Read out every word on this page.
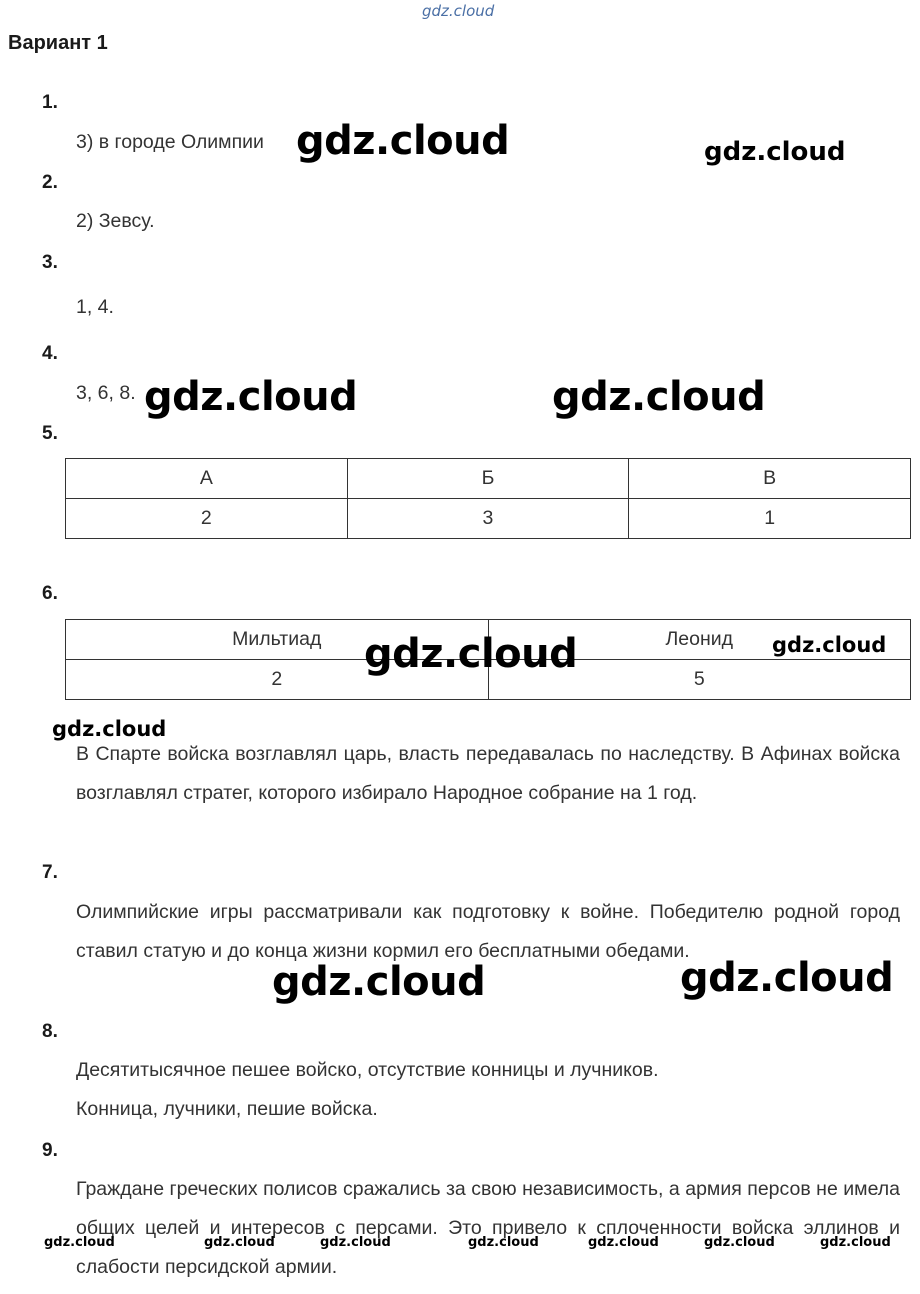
gdz.cloud
Вариант 1
1.
3) в городе Олимпии
2.
2) Зевсу.
3.
1, 4.
4.
3, 6, 8.
5.
А	Б	В
2	3	1
6.
Мильтиад	Леонид
2	5
В Спарте войска возглавлял царь, власть передавалась по наследству. В Афинах войска возглавлял стратег, которого избирало Народное собрание на 1 год.
7.
Олимпийские игры рассматривали как подготовку к войне. Победителю родной город ставил статую и до конца жизни кормил его бесплатными обедами.
8.
Десятитысячное пешее войско, отсутствие конницы и лучников.
Конница, лучники, пешие войска.
9.
Граждане греческих полисов сражались за свою независимость, а армия персов не имела общих целей и интересов с персами. Это привело к сплоченности войска эллинов и слабости персидской армии.
gdz.cloud	gdz.cloud
gdz.cloud	gdz.cloud
gdz.cloud	gdz.cloud
gdz.cloud
gdz.cloud	gdz.cloud
gdz.cloud	gdz.cloud	gdz.cloud	gdz.cloud	gdz.cloud	gdz.cloud	gdz.cloud
